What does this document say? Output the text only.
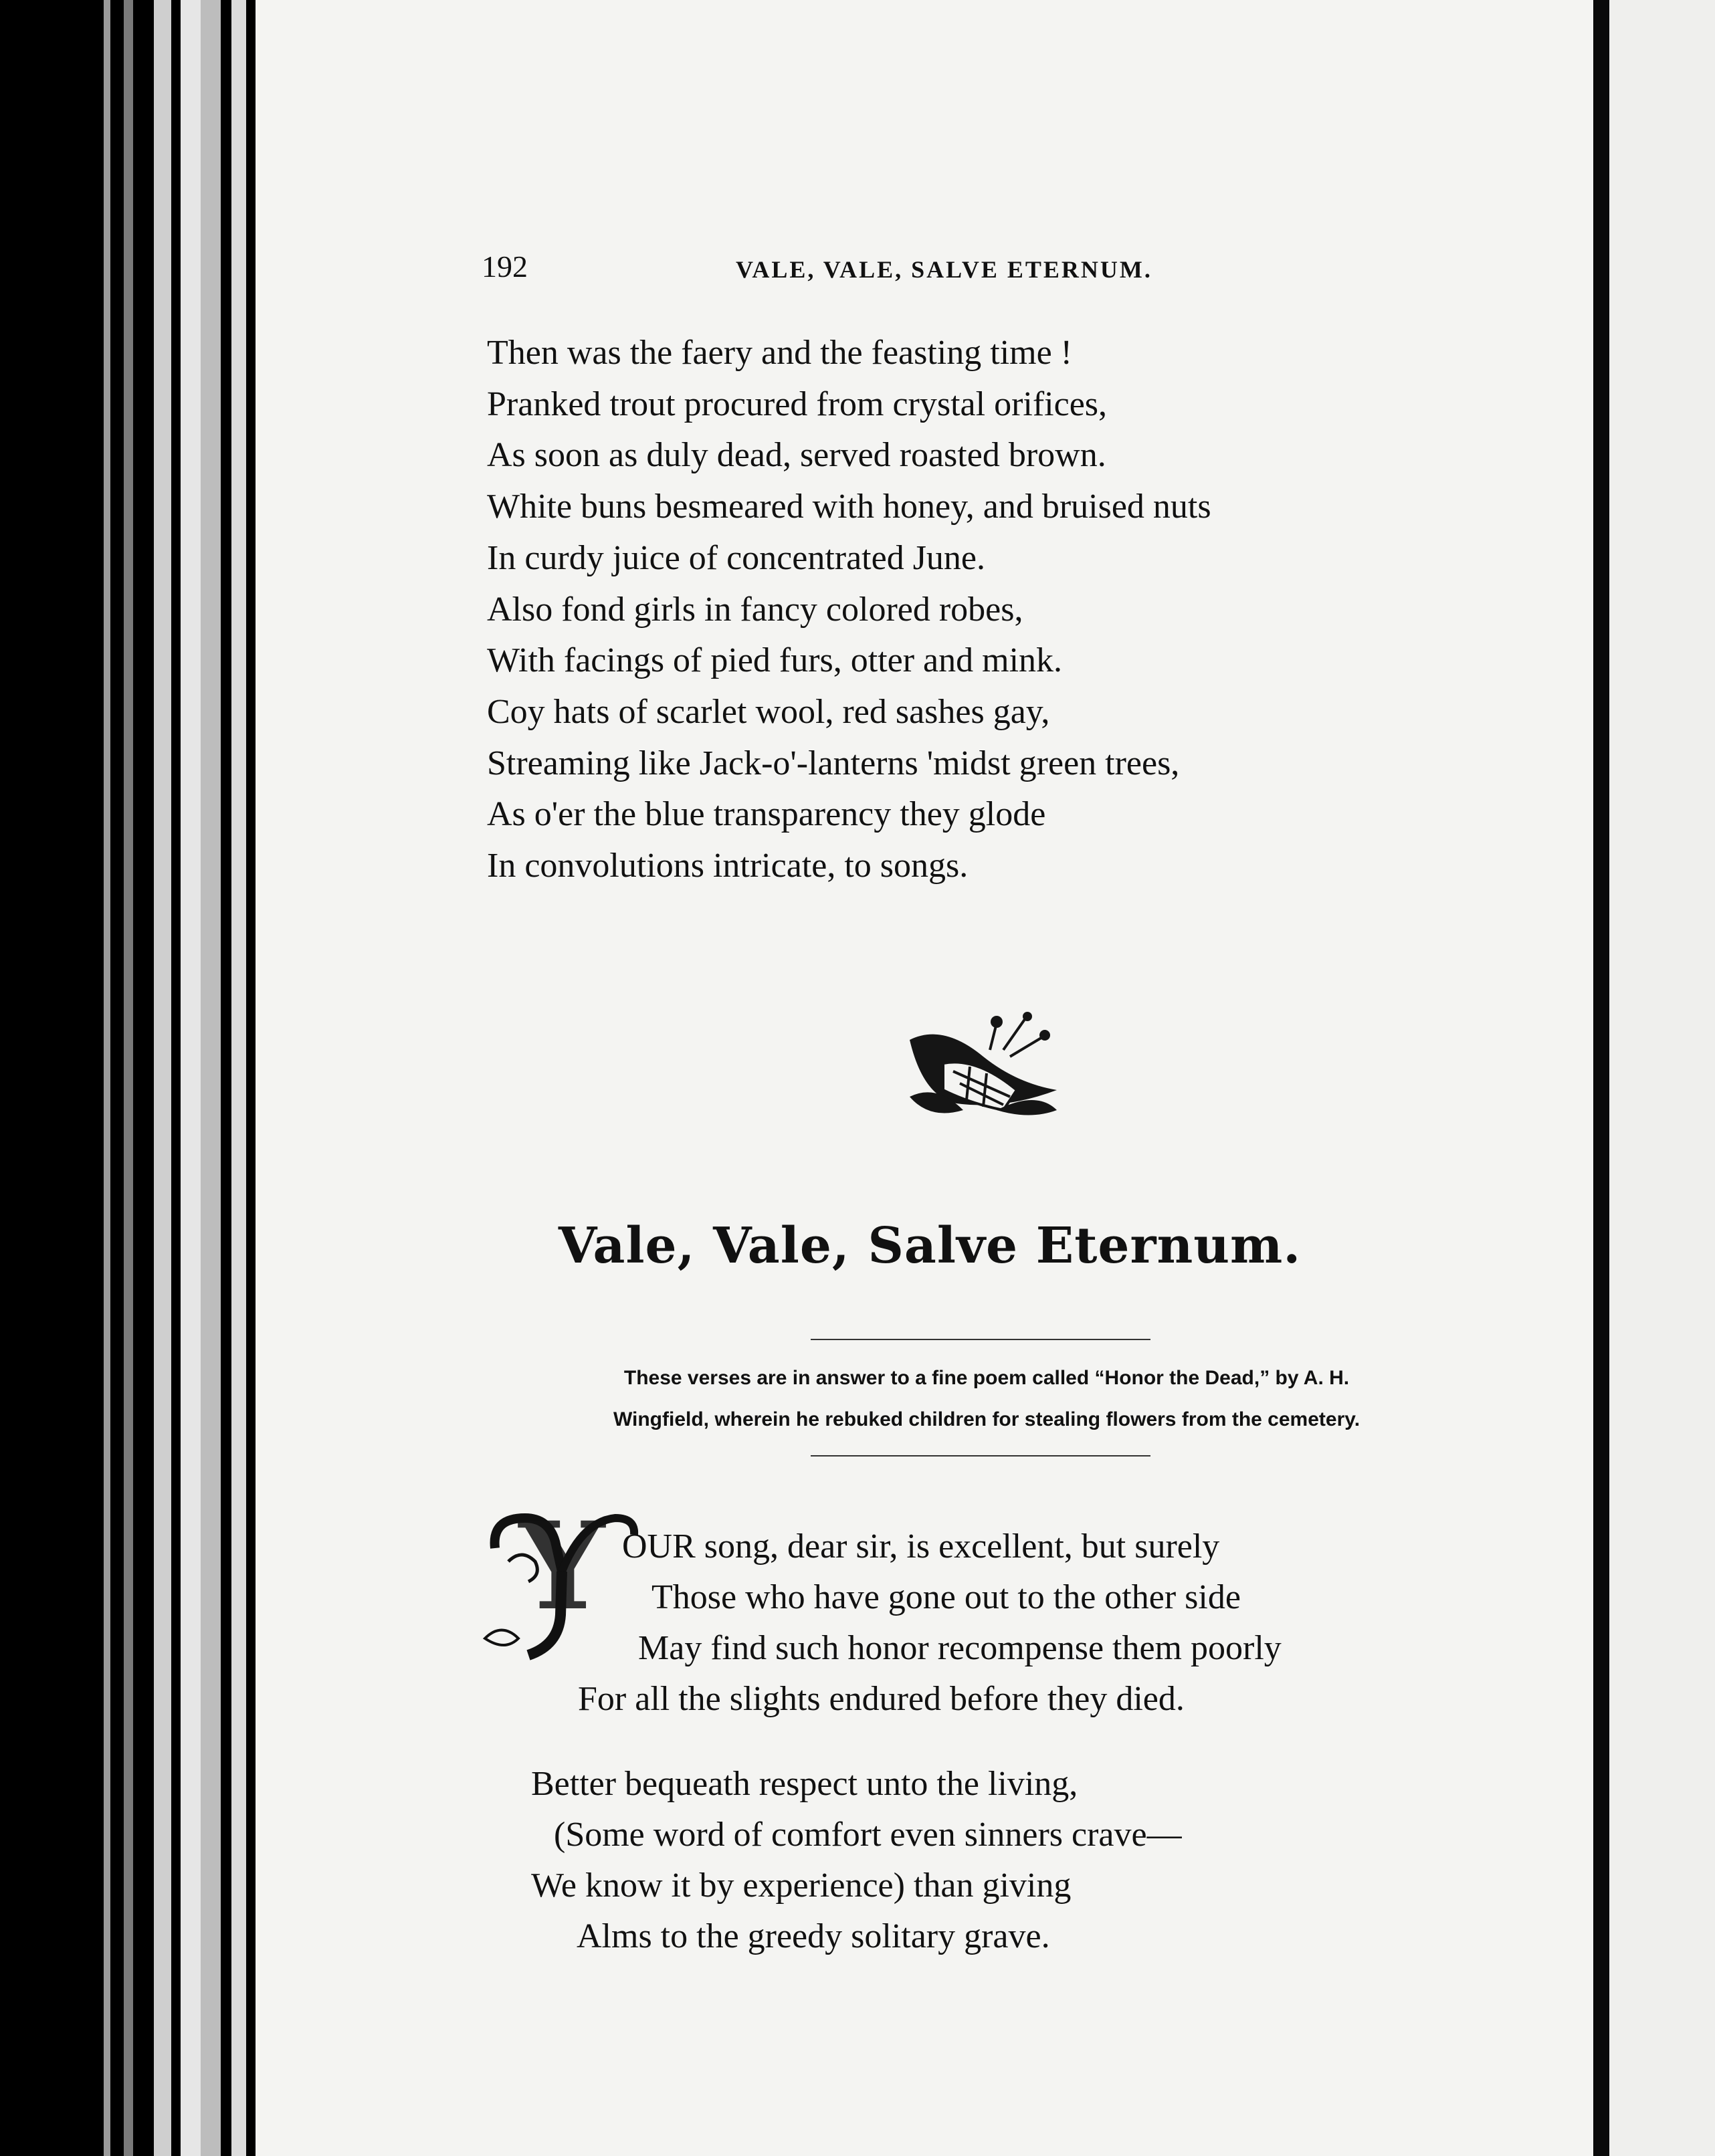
192	VALE, VALE, SALVE ETERNUM.
Then was the faery and the feasting time !
Pranked trout procured from crystal orifices,
As soon as duly dead, served roasted brown.
White buns besmeared with honey, and bruised nuts
In curdy juice of concentrated June.
Also fond girls in fancy colored robes,
With facings of pied furs, otter and mink.
Coy hats of scarlet wool, red sashes gay,
Streaming like Jack-o'-lanterns 'midst green trees,
As o'er the blue transparency they glode
In convolutions intricate, to songs.
Vale, Vale, Salve Eternum.
These verses are in answer to a fine poem called “Honor the Dead,” by A. H.
Wingfield, wherein he rebuked children for stealing flowers from the cemetery.
Y OUR song, dear sir, is excellent, but surely
Those who have gone out to the other side
May find such honor recompense them poorly
For all the slights endured before they died.
Better bequeath respect unto the living,
(Some word of comfort even sinners crave—
We know it by experience) than giving
Alms to the greedy solitary grave.
